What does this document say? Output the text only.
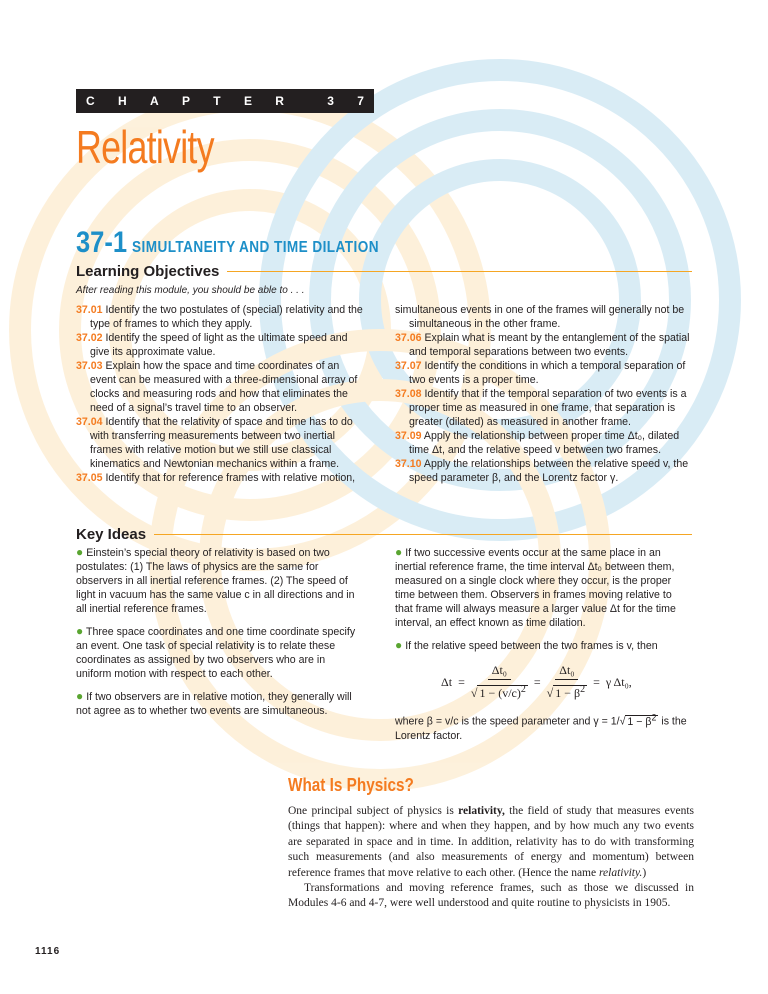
C H A P T E R	3 7
Relativity
37-1 SIMULTANEITY AND TIME DILATION
Learning Objectives
After reading this module, you should be able to . . .

37.01 Identify the two postulates of (special) relativity and the type of frames to which they apply.

37.02 Identify the speed of light as the ultimate speed and give its approximate value.

37.03 Explain how the space and time coordinates of an event can be measured with a three-dimensional array of clocks and measuring rods and how that eliminates the need of a signal’s travel time to an observer.

37.04 Identify that the relativity of space and time has to do with transferring measurements between two inertial frames with relative motion but we still use classical kinematics and Newtonian mechanics within a frame.

37.05 Identify that for reference frames with relative motion,

simultaneous events in one of the frames will generally not be simultaneous in the other frame.

37.06 Explain what is meant by the entanglement of the spatial and temporal separations between two events.

37.07 Identify the conditions in which a temporal separation of two events is a proper time.

37.08 Identify that if the temporal separation of two events is a proper time as measured in one frame, that separation is greater (dilated) as measured in another frame.

37.09 Apply the relationship between proper time Δt₀, dilated time Δt, and the relative speed v between two frames.

37.10 Apply the relationships between the relative speed v, the speed parameter β, and the Lorentz factor γ.

Key Ideas

● Einstein’s special theory of relativity is based on two postulates: (1) The laws of physics are the same for observers in all inertial reference frames. (2) The speed of light in vacuum has the same value c in all directions and in all inertial reference frames.

● Three space coordinates and one time coordinate specify an event. One task of special relativity is to relate these coordinates as assigned by two observers who are in uniform motion with respect to each other.

● If two observers are in relative motion, they generally will not agree as to whether two events are simultaneous.

● If two successive events occur at the same place in an inertial reference frame, the time interval Δt₀ between them, measured on a single clock where they occur, is the proper time between them. Observers in frames moving relative to that frame will always measure a larger value Δt for the time interval, an effect known as time dilation.

● If the relative speed between the two frames is v, then

$\Delta t = \frac{\text{Δt₀}}{√ 1 - (v/c)^2} = \frac{\text{Δt₀}}{√ 1 - \beta^2} = \gamma$ Δt₀,

where β = v/c is the speed parameter and γ = 1/√ $1 - \beta^2$ is the Lorentz factor.

What Is Physics?

One principal subject of physics is relativity, the field of study that measures events (things that happen): where and when they happen, and by how much any two events are separated in space and in time. In addition, relativity has to do with transforming such measurements (and also measurements of energy and momentum) between reference frames that move relative to each other. (Hence the name relativity.)

Transformations and moving reference frames, such as those we discussed in Modules 4-6 and 4-7, were well understood and quite routine to physicists in 1905.

1116
